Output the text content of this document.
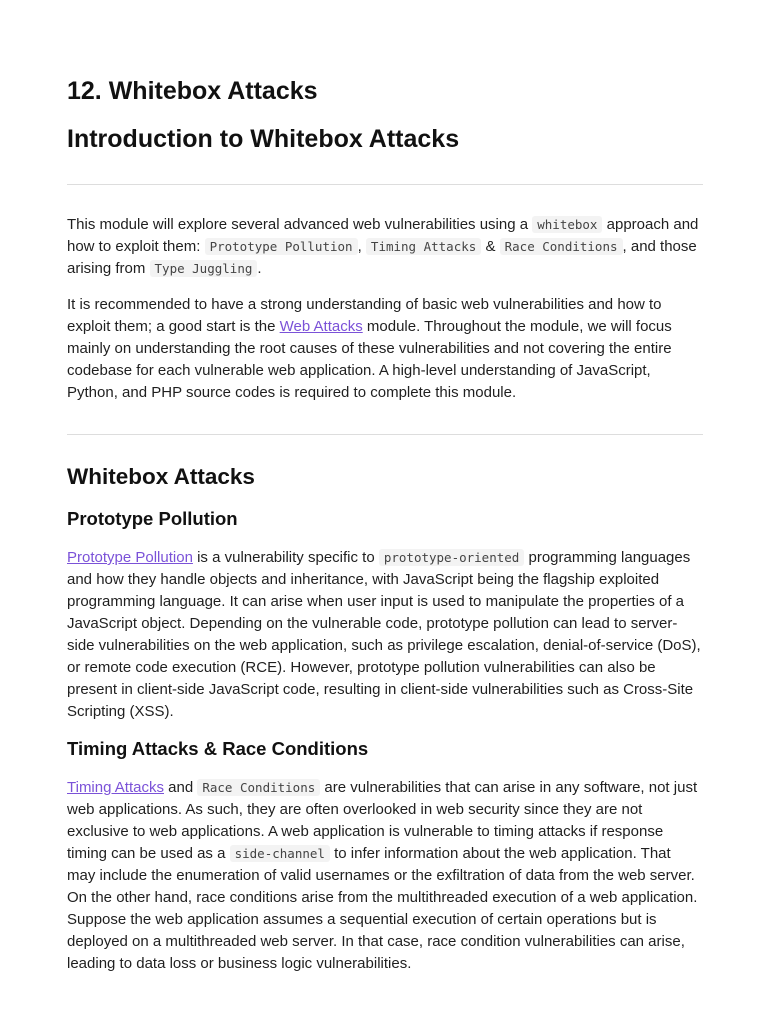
12. Whitebox Attacks
Introduction to Whitebox Attacks

This module will explore several advanced web vulnerabilities using a whitebox approach and how to exploit them: Prototype Pollution , Timing Attacks & Race Conditions , and those arising from Type Juggling .

It is recommended to have a strong understanding of basic web vulnerabilities and how to exploit them; a good start is the Web Attacks module. Throughout the module, we will focus mainly on understanding the root causes of these vulnerabilities and not covering the entire codebase for each vulnerable web application. A high-level understanding of JavaScript, Python, and PHP source codes is required to complete this module.

Whitebox Attacks
Prototype Pollution

Prototype Pollution is a vulnerability specific to prototype-oriented programming languages and how they handle objects and inheritance, with JavaScript being the flagship exploited programming language. It can arise when user input is used to manipulate the properties of a JavaScript object. Depending on the vulnerable code, prototype pollution can lead to server-side vulnerabilities on the web application, such as privilege escalation, denial-of-service (DoS), or remote code execution (RCE). However, prototype pollution vulnerabilities can also be present in client-side JavaScript code, resulting in client-side vulnerabilities such as Cross-Site Scripting (XSS).

Timing Attacks & Race Conditions

Timing Attacks and Race Conditions are vulnerabilities that can arise in any software, not just web applications. As such, they are often overlooked in web security since they are not exclusive to web applications. A web application is vulnerable to timing attacks if response timing can be used as a side-channel to infer information about the web application. That may include the enumeration of valid usernames or the exfiltration of data from the web server. On the other hand, race conditions arise from the multithreaded execution of a web application. Suppose the web application assumes a sequential execution of certain operations but is deployed on a multithreaded web server. In that case, race condition vulnerabilities can arise, leading to data loss or business logic vulnerabilities.
